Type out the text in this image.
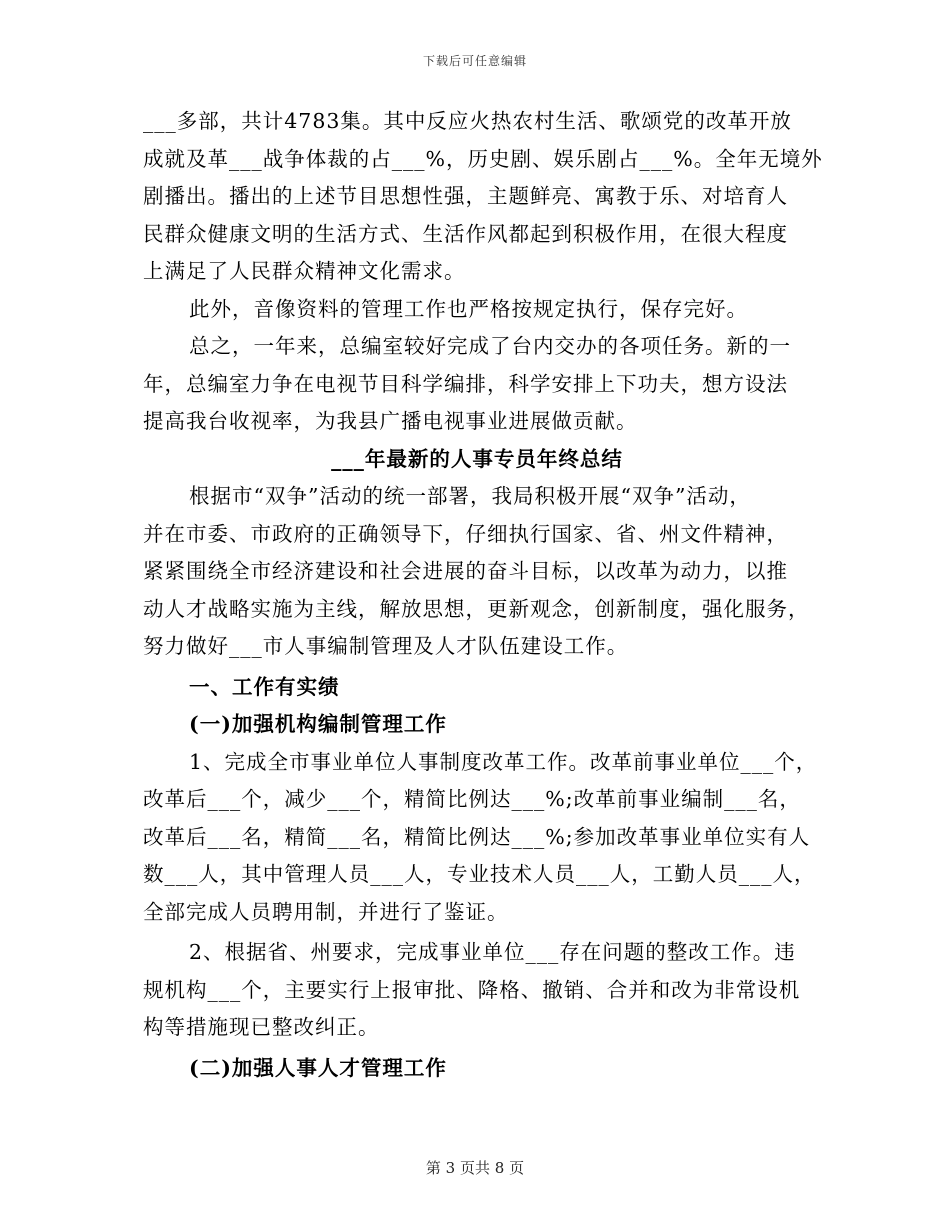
下载后可任意编辑
___多部，共计4783集。其中反应火热农村生活、歌颂党的改革开放
成就及革___战争体裁的占___%，历史剧、娱乐剧占___%。全年无境外
剧播出。播出的上述节目思想性强，主题鲜亮、寓教于乐、对培育人
民群众健康文明的生活方式、生活作风都起到积极作用，在很大程度
上满足了人民群众精神文化需求。
此外，音像资料的管理工作也严格按规定执行，保存完好。
总之，一年来，总编室较好完成了台内交办的各项任务。新的一
年，总编室力争在电视节目科学编排，科学安排上下功夫，想方设法
提高我台收视率，为我县广播电视事业进展做贡献。
___年最新的人事专员年终总结
根据市“双争”活动的统一部署，我局积极开展“双争”活动，
并在市委、市政府的正确领导下，仔细执行国家、省、州文件精神，
紧紧围绕全市经济建设和社会进展的奋斗目标，以改革为动力，以推
动人才战略实施为主线，解放思想，更新观念，创新制度，强化服务，
努力做好___市人事编制管理及人才队伍建设工作。
一、工作有实绩
(一)加强机构编制管理工作
1、完成全市事业单位人事制度改革工作。改革前事业单位___个，
改革后___个，减少___个，精简比例达___%;改革前事业编制___名，
改革后___名，精简___名，精简比例达___%;参加改革事业单位实有人
数___人，其中管理人员___人，专业技术人员___人，工勤人员___人，
全部完成人员聘用制，并进行了鉴证。
2、根据省、州要求，完成事业单位___存在问题的整改工作。违
规机构___个，主要实行上报审批、降格、撤销、合并和改为非常设机
构等措施现已整改纠正。
(二)加强人事人才管理工作
第 3 页共 8 页
